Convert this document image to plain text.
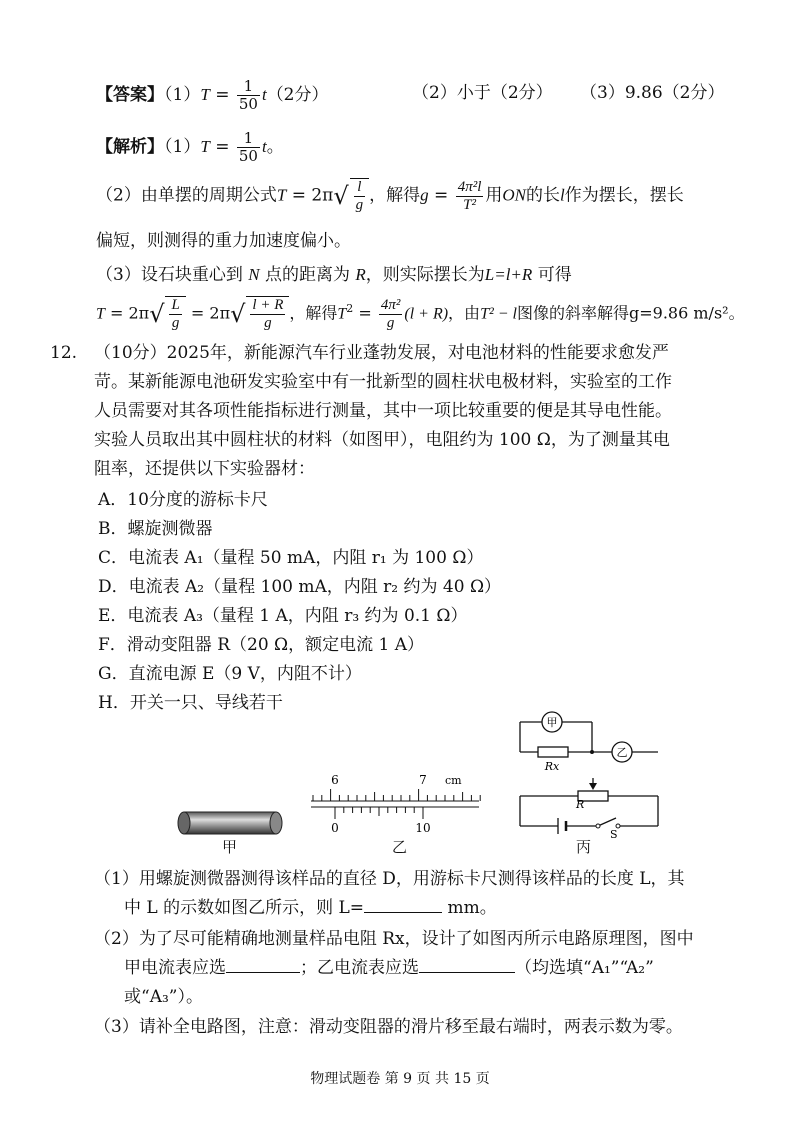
【答案】$(1)T = \frac{1}{50} t(2$分）	（2）小于（2分） （3）9.86（2分）
【解析】$(1)T = \frac{1}{50}$ t。
（2）由单摆的周期公式$T = 2\pi√ \frac{l}{g}$ ，解得$g = \frac{\text{4π²l}}{\text{T²}}$ 用ON的长l作为摆长，摆长
偏短，则测得的重力加速度偏小。
（3）设石块重心到 N 点的距离为 R，则实际摆长为L=l+R 可得
$T = 2\pi√ \frac{L}{g} = 2\pi√ \frac{l + R}{g}$ ，解得$T^2 = \frac{\text{4π²}}{g} (l + R)$，由T² − l图像的斜率解得g=9.86 m/s²。
12. （10分）2025年，新能源汽车行业蓬勃发展，对电池材料的性能要求愈发严
苛。某新能源电池研发实验室中有一批新型的圆柱状电极材料，实验室的工作
人员需要对其各项性能指标进行测量，其中一项比较重要的便是其导电性能。
实验人员取出其中圆柱状的材料（如图甲），电阻约为 100 Ω，为了测量其电
阻率，还提供以下实验器材：
A．10分度的游标卡尺
B．螺旋测微器
C．电流表 A₁（量程 50 mA，内阻 r₁ 为 100 Ω）
D．电流表 A₂（量程 100 mA，内阻 r₂ 约为 40 Ω）
E．电流表 A₃（量程 1 A，内阻 r₃ 约为 0.1 Ω）
F．滑动变阻器 R（20 Ω，额定电流 1 A）
G．直流电源 E（9 V，内阻不计）
H．开关一只、导线若干
甲
6	7 cm
0	10
乙
甲
乙
Rx
R
S
丙
（1）用螺旋测微器测得该样品的直径 D，用游标卡尺测得该样品的长度 L，其
中 L 的示数如图乙所示，则 L=	mm。
（2）为了尽可能精确地测量样品电阻 Rx，设计了如图丙所示电路原理图，图中
甲电流表应选	；乙电流表应选	（均选填“A₁”“A₂”
或“A₃”）。
（3）请补全电路图，注意：滑动变阻器的滑片移至最右端时，两表示数为零。
物理试题卷 第 9 页 共 15 页
